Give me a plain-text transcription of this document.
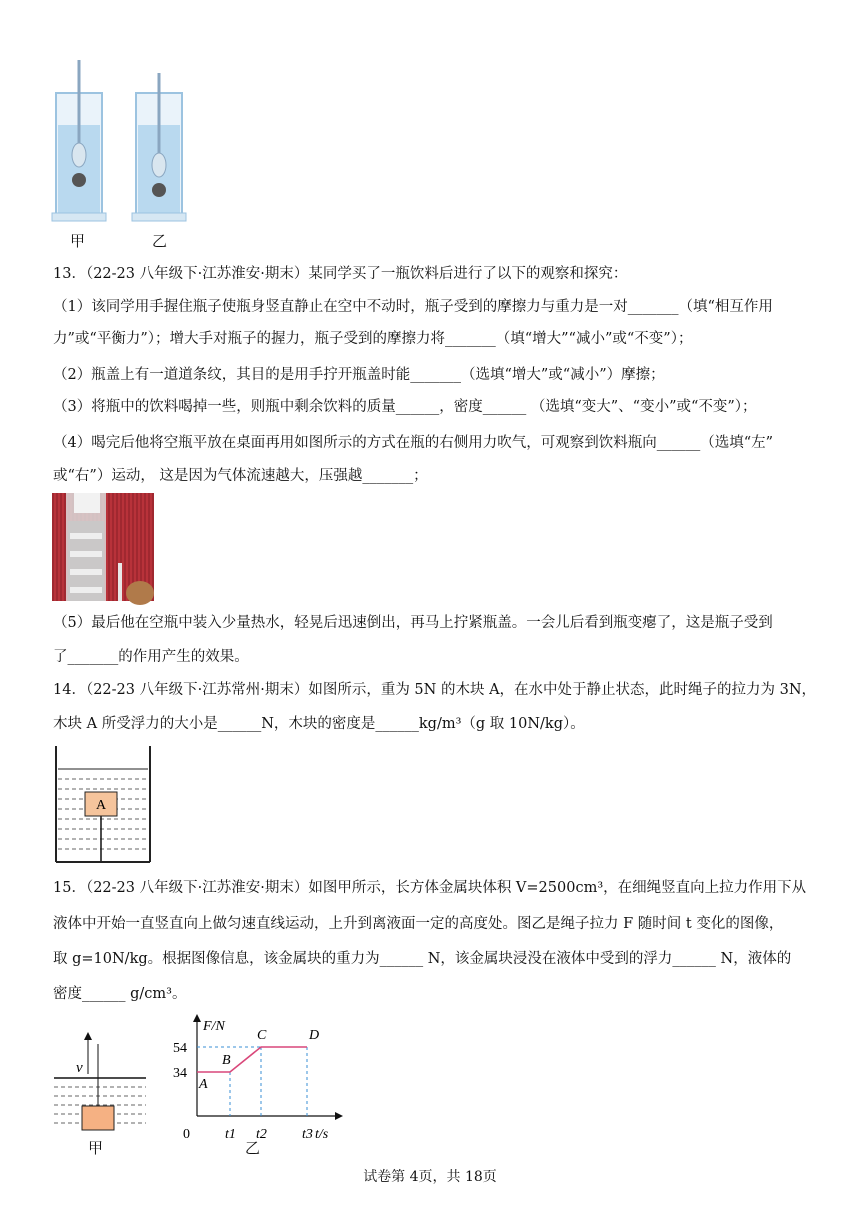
甲	乙
13．（22-23 八年级下·江苏淮安·期末）某同学买了一瓶饮料后进行了以下的观察和探究：
（1）该同学用手握住瓶子使瓶身竖直静止在空中不动时，瓶子受到的摩擦力与重力是一对_______（填“相互作用
力”或“平衡力”）；增大手对瓶子的握力，瓶子受到的摩擦力将_______（填“增大”“减小”或“不变”）；
（2）瓶盖上有一道道条纹，其目的是用手拧开瓶盖时能_______（选填“增大”或“减小”）摩擦；
（3）将瓶中的饮料喝掉一些，则瓶中剩余饮料的质量______，密度______ （选填“变大”、“变小”或“不变”）；
（4）喝完后他将空瓶平放在桌面再用如图所示的方式在瓶的右侧用力吹气，可观察到饮料瓶向______（选填“左”
或“右”）运动， 这是因为气体流速越大，压强越_______；
（5）最后他在空瓶中装入少量热水，轻晃后迅速倒出，再马上拧紧瓶盖。一会儿后看到瓶变瘪了，这是瓶子受到
了_______的作用产生的效果。
14．（22-23 八年级下·江苏常州·期末）如图所示，重为 5N 的木块 A，在水中处于静止状态，此时绳子的拉力为 3N，
木块 A 所受浮力的大小是______N，木块的密度是______kg/m³（g 取 10N/kg）。
A
15．（22-23 八年级下·江苏淮安·期末）如图甲所示，长方体金属块体积 V=2500cm³，在细绳竖直向上拉力作用下从
液体中开始一直竖直向上做匀速直线运动，上升到离液面一定的高度处。图乙是绳子拉力 F 随时间 t 变化的图像，
取 g=10N/kg。根据图像信息，该金属块的重力为______ N，该金属块浸没在液体中受到的浮力______ N，液体的
密度______ g/cm³。
v
甲
F/N
t/s
34
54
0	t1 t2	t3
A
B
C	D
乙
试卷第 4页，共 18页
